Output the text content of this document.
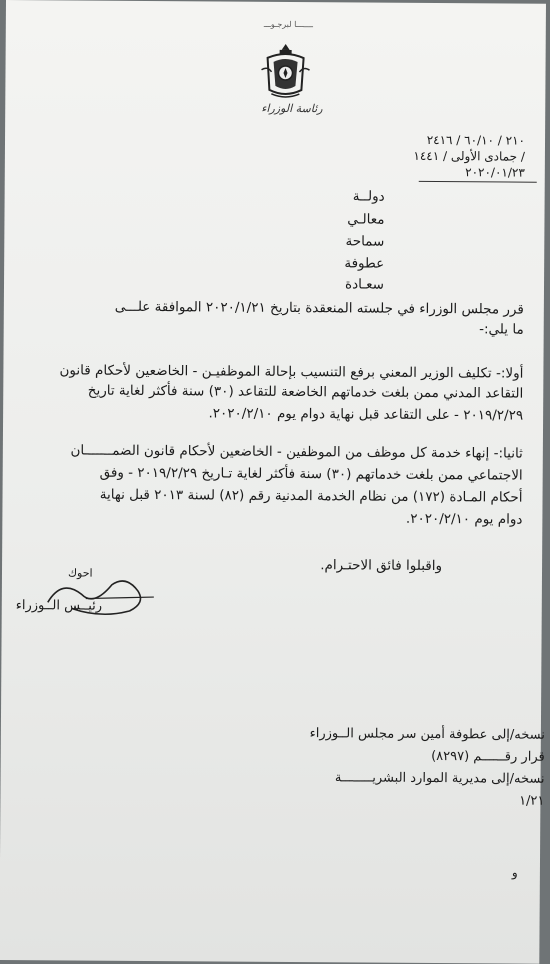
ـــــــا لبرجـوـــ
رئاسة الوزراء
٢١٠ / ٦٠/١٠ / ٢٤١٦
/ جمادى الأولى / ١٤٤١
٢٠٢٠/٠١/٢٣
دولــة
معالـي
سماحة
عطوفة
سعـادة
قرر مجلس الوزراء في جلسته المنعقدة بتاريخ ٢٠٢٠/١/٢١ الموافقة علـــى
ما يلي:-
أولا:- تكليف الوزير المعني برفع التنسيب بإحالة الموظفيـن - الخاضعين لأحكام قانون
التقاعد المدني ممن بلغت خدماتهم الخاضعة للتقاعد (٣٠) سنة فأكثر لغاية تاريخ
٢٠١٩/٢/٢٩ - على التقاعد قبل نهاية دوام يوم ٢٠٢٠/٢/١٠.
ثانيا:- إنهاء خدمة كل موظف من الموظفين - الخاضعين لأحكام قانون الضمـــــــان
الاجتماعي ممن بلغت خدماتهم (٣٠) سنة فأكثر لغاية تـاريخ ٢٠١٩/٢/٢٩ - وفق
أحكام المـادة (١٧٢) من نظام الخدمة المدنية رقم (٨٢) لسنة ٢٠١٣ قبل نهاية
دوام يوم ٢٠٢٠/٢/١٠.
واقبلوا فائق الاحتـرام.
احوك
رئيــس الــوزراء
نسخه/إلى عطوفة أمين سر مجلس الــوزراء
قرار رقــــــم (٨٢٩٧)
نسخه/إلى مديرية الموارد البشريــــــــة
١/٢١
و
